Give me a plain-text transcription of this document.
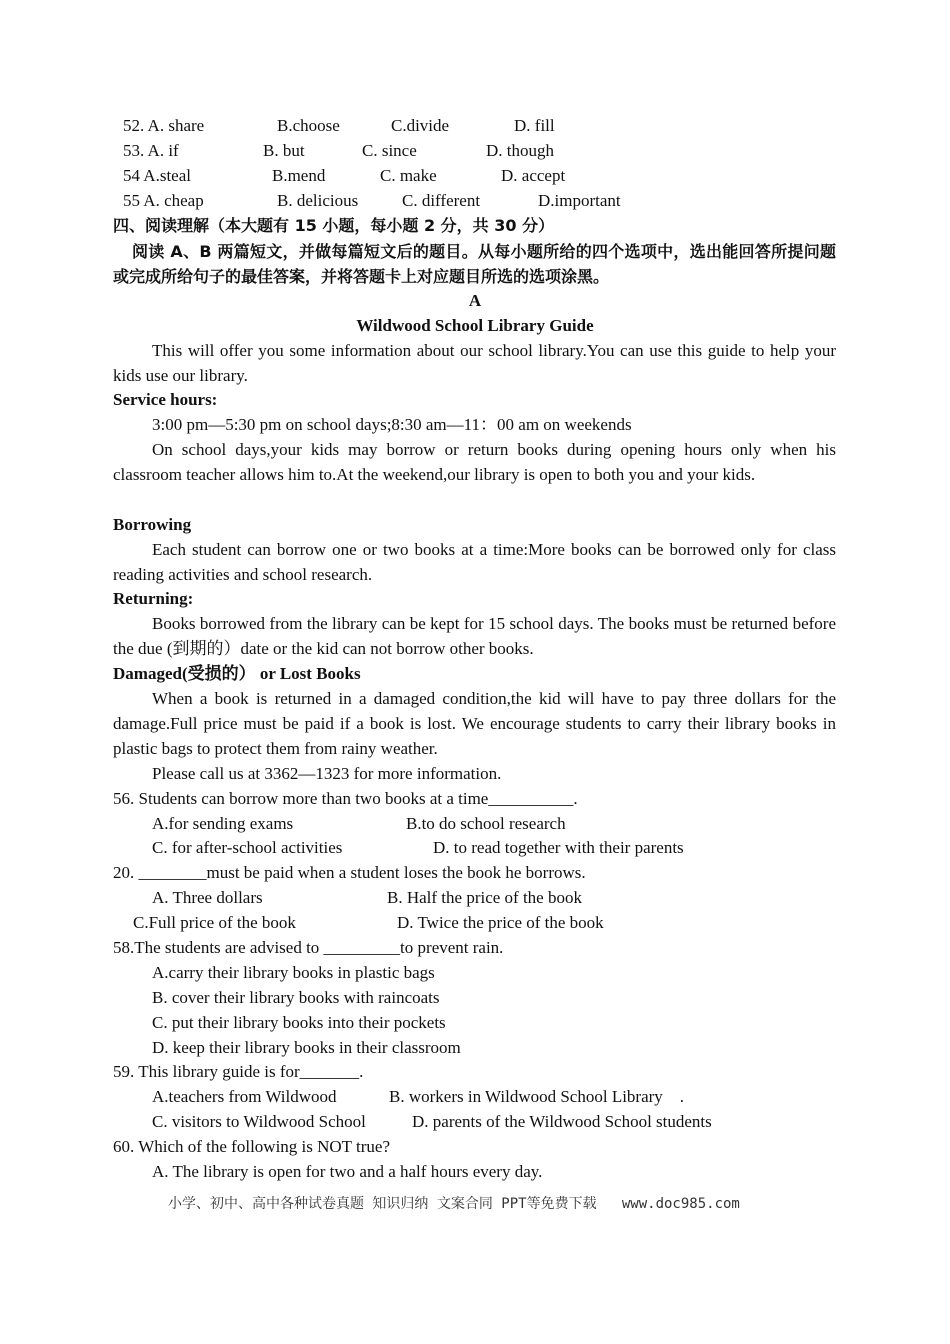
52. A. share	B.choose	C.divide	D. fill
53. A. if	B. but	C. since	D. though
54 A.steal	B.mend	C. make	D. accept
55 A. cheap	B. delicious	C. different	D.important
四、阅读理解（本大题有 15 小题，每小题 2 分，共 30 分）
阅读 A、B 两篇短文，并做每篇短文后的题目。从每小题所给的四个选项中，选出能回答所提问题或完成所给句子的最佳答案，并将答题卡上对应题目所选的选项涂黑。
A
Wildwood School Library Guide
This will offer you some information about our school library.You can use this guide to help your kids use our library.
Service hours:
3:00 pm—5:30 pm on school days;8:30 am—11：00 am on weekends
On school days,your kids may borrow or return books during opening hours only when his classroom teacher allows him to.At the weekend,our library is open to both you and your kids.
Borrowing
Each student can borrow one or two books at a time:More books can be borrowed only for class reading activities and school research.
Returning:
Books borrowed from the library can be kept for 15 school days. The books must be returned before the due (到期的）date or the kid can not borrow other books.
Damaged(受损的） or Lost Books
When a book is returned in a damaged condition,the kid will have to pay three dollars for the damage.Full price must be paid if a book is lost. We encourage students to carry their library books in plastic bags to protect them from rainy weather.
Please call us at 3362—1323 for more information.
56. Students can borrow more than two books at a time__________.
A.for sending exams	B.to do school research
C. for after-school activities	D. to read together with their parents
20. ________must be paid when a student loses the book he borrows.
A. Three dollars	B. Half the price of the book
C.Full price of the book	D. Twice the price of the book
58.The students are advised to _________to prevent rain.
A.carry their library books in plastic bags
B. cover their library books with raincoats
C. put their library books into their pockets
D. keep their library books in their classroom
59. This library guide is for_______.
A.teachers from Wildwood	B. workers in Wildwood School Library    .
C. visitors to Wildwood School	D. parents of the Wildwood School students
60. Which of the following is NOT true?
A. The library is open for two and a half hours every day.
小学、初中、高中各种试卷真题 知识归纳 文案合同 PPT等免费下载   www.doc985.com
